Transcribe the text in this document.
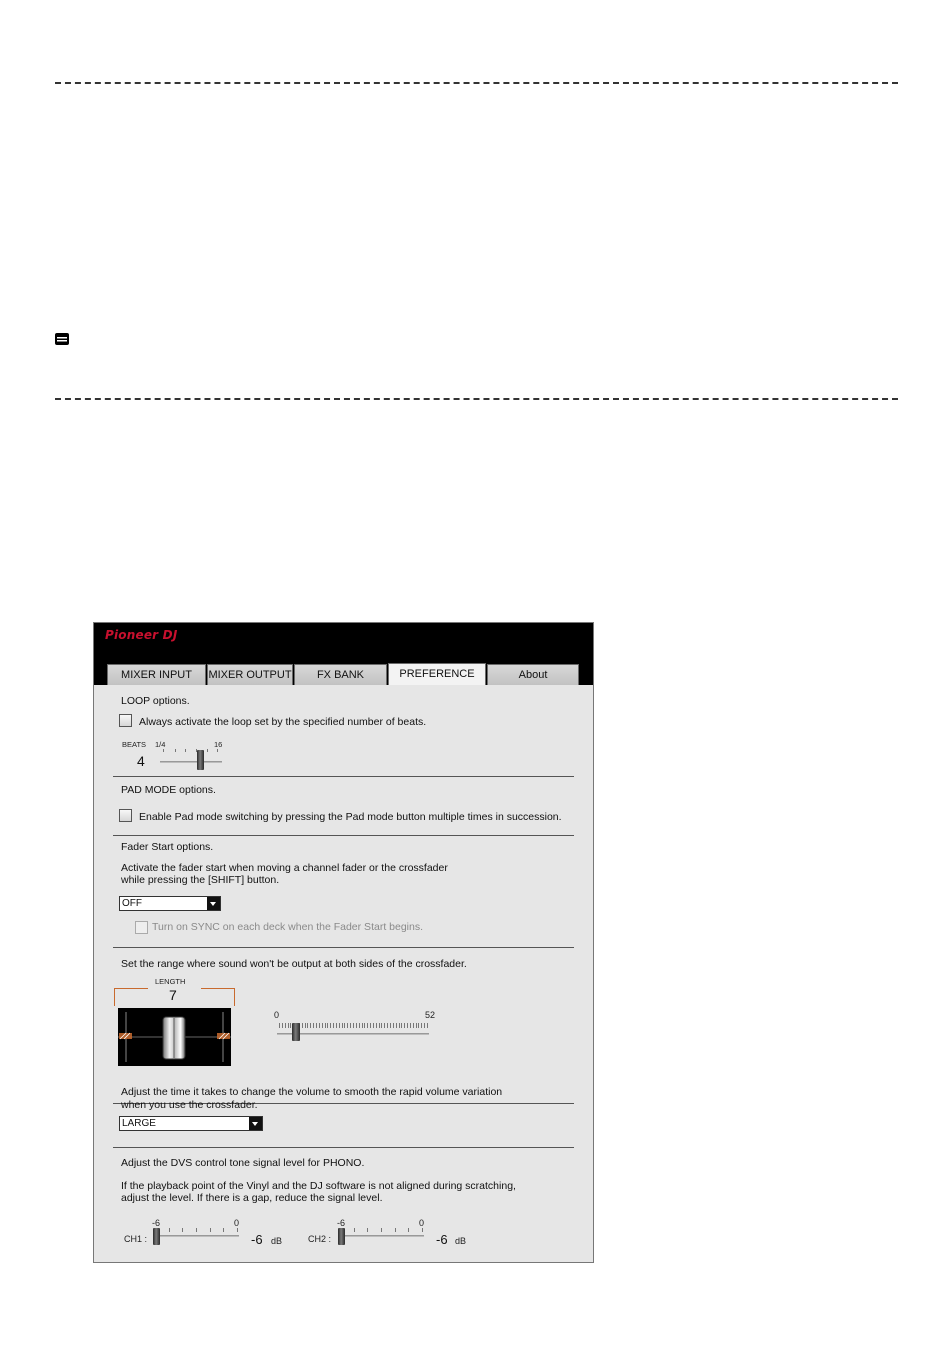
Pioneer DJ
MIXER INPUT	MIXER OUTPUT	FX BANK	PREFERENCE	About
LOOP options.
Always activate the loop set by the specified number of beats.
BEATS 1/4	16
4
PAD MODE options.
Enable Pad mode switching by pressing the Pad mode button multiple times in succession.
Fader Start options.
Activate the fader start when moving a channel fader or the crossfader
while pressing the [SHIFT] button.
OFF
Turn on SYNC on each deck when the Fader Start begins.
Set the range where sound won't be output at both sides of the crossfader.
LENGTH
7
0	52
Adjust the time it takes to change the volume to smooth the rapid volume variation
when you use the crossfader.
LARGE
Adjust the DVS control tone signal level for PHONO.
If the playback point of the Vinyl and the DJ software is not aligned during scratching,
adjust the level. If there is a gap, reduce the signal level.
-6	0
CH1 :	-6 dB
-6	0
CH2 :	-6 dB
